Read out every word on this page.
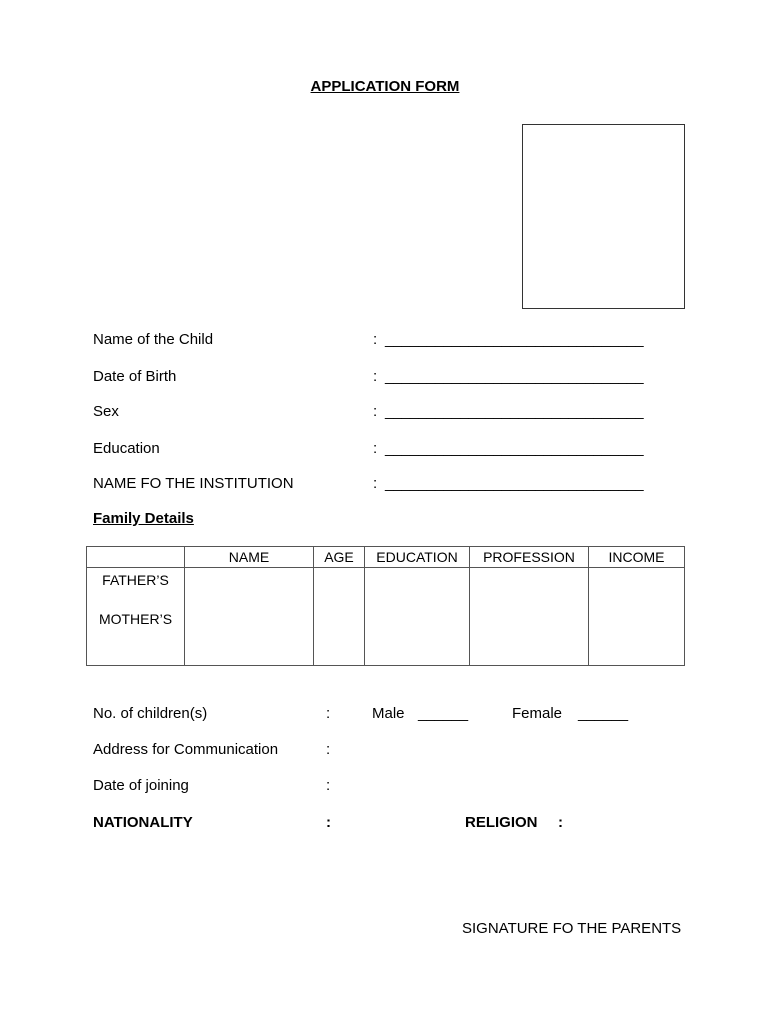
APPLICATION FORM
Name of the Child	: _______________________________
Date of Birth	: _______________________________
Sex	: _______________________________
Education	: _______________________________
NAME FO THE INSTITUTION	: _______________________________
Family Details
	NAME	AGE	EDUCATION	PROFESSION	INCOME

FATHER’S
MOTHER’S					

No. of children(s)	:	Male ______	Female ______
Address for Communication	:
Date of joining	:
NATIONALITY	:	RELIGION :
SIGNATURE FO THE PARENTS
